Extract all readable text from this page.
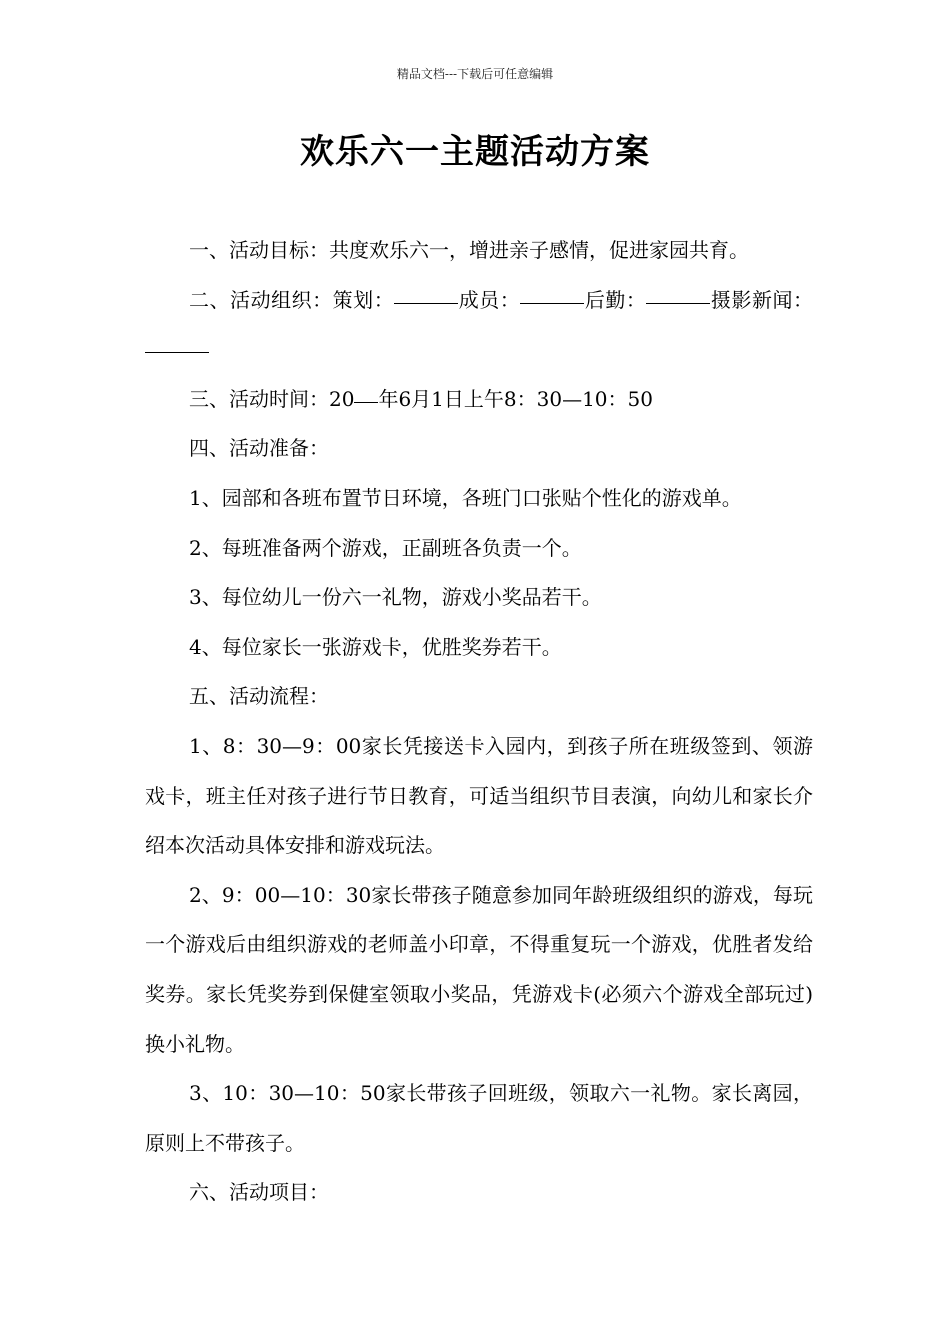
精品文档---下载后可任意编辑
欢乐六一主题活动方案

一、活动目标：共度欢乐六一，增进亲子感情，促进家园共育。

二、活动组织：策划：	成员：	后勤：	摄影新闻：

三、活动时间：20 年6月1日上午8：30—10：50

四、活动准备：

1、园部和各班布置节日环境，各班门口张贴个性化的游戏单。

2、每班准备两个游戏，正副班各负责一个。

3、每位幼儿一份六一礼物，游戏小奖品若干。

4、每位家长一张游戏卡，优胜奖券若干。

五、活动流程：

1、8：30—9：00家长凭接送卡入园内，到孩子所在班级签到、领游戏卡，班主任对孩子进行节日教育，可适当组织节目表演，向幼儿和家长介绍本次活动具体安排和游戏玩法。

2、9：00—10：30家长带孩子随意参加同年龄班级组织的游戏，每玩一个游戏后由组织游戏的老师盖小印章，不得重复玩一个游戏，优胜者发给奖券。家长凭奖券到保健室领取小奖品，凭游戏卡(必须六个游戏全部玩过)换小礼物。

3、10：30—10：50家长带孩子回班级，领取六一礼物。家长离园，原则上不带孩子。

六、活动项目：
